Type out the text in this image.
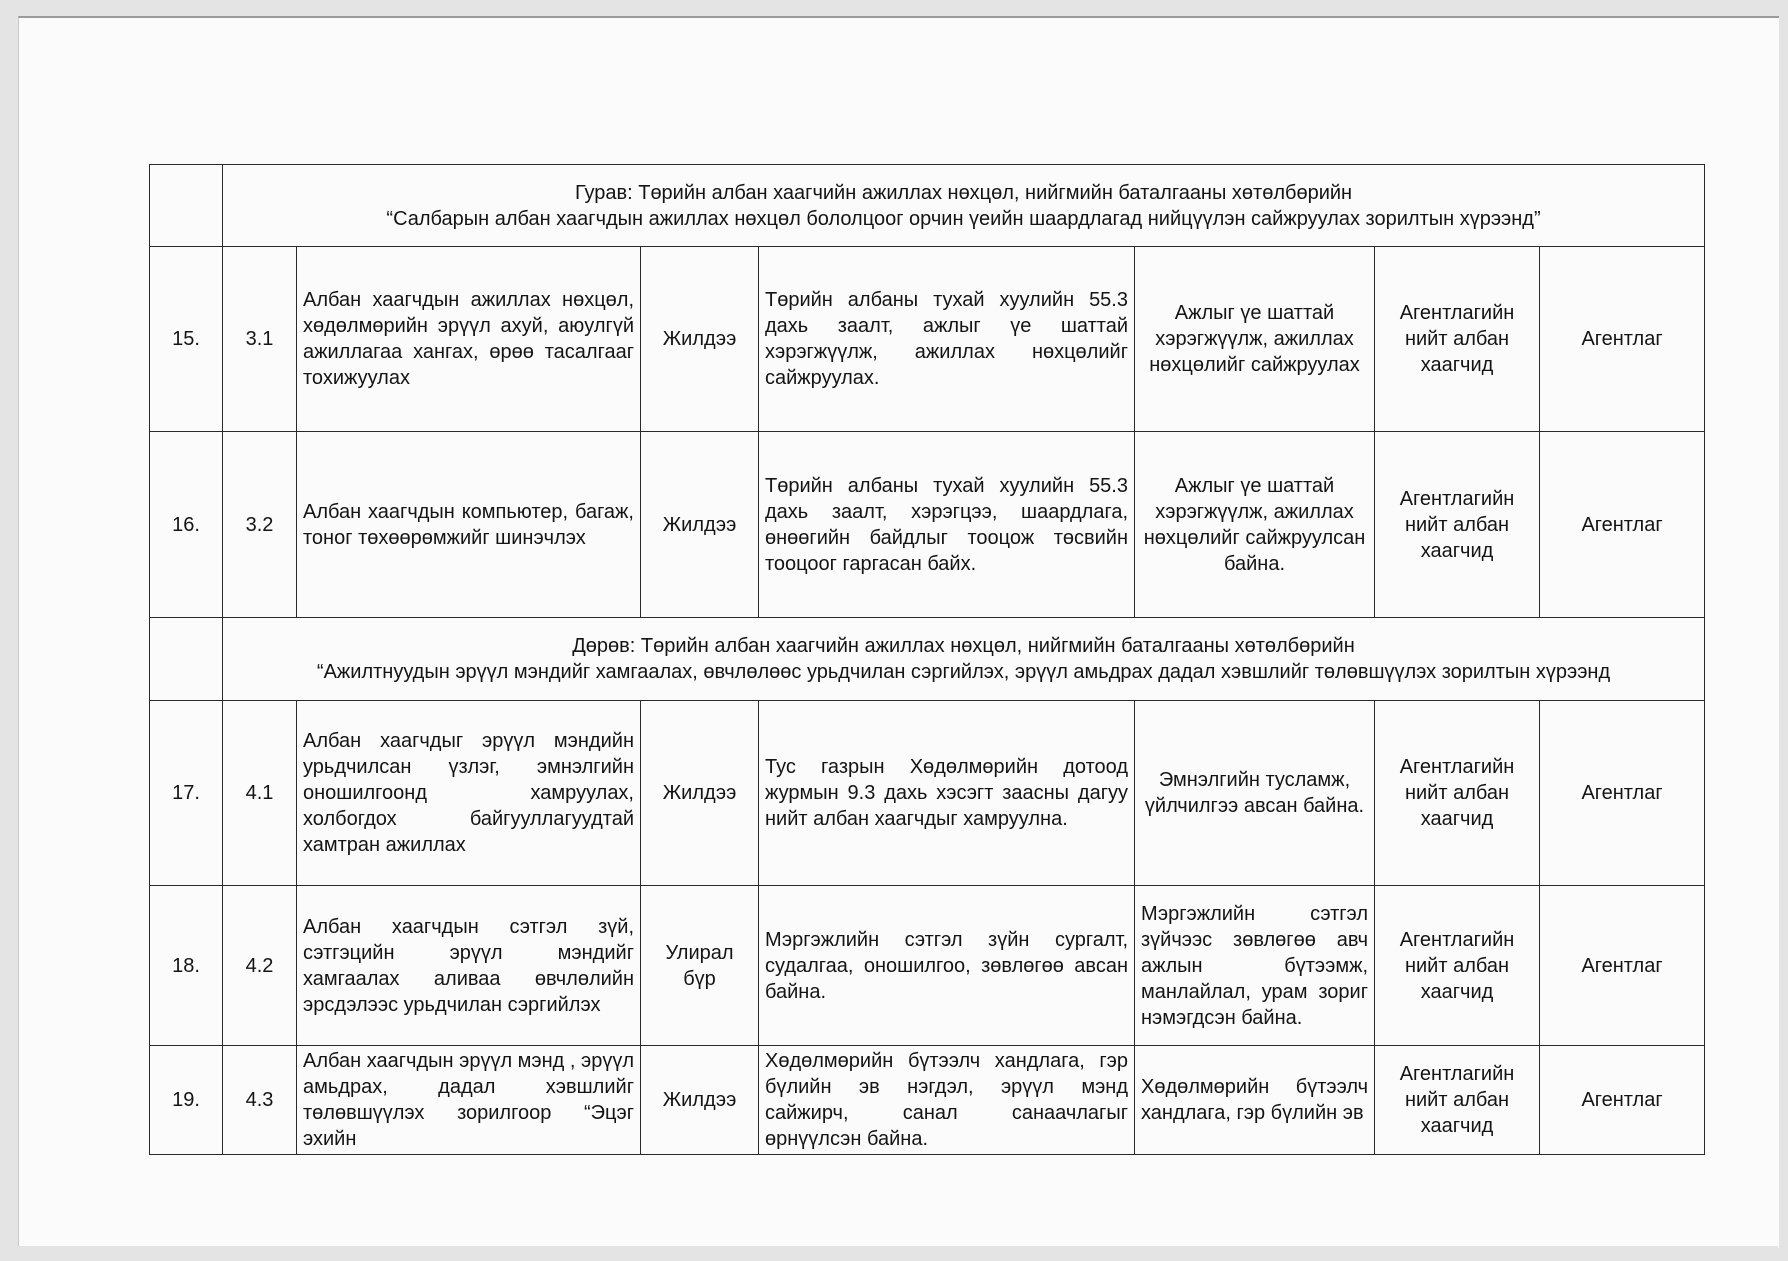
	Гурав: Төрийн албан хаагчийн ажиллах нөхцөл, нийгмийн баталгааны хөтөлбөрийн
“Салбарын албан хаагчдын ажиллах нөхцөл бололцоог орчин үеийн шаардлагад нийцүүлэн сайжруулах зорилтын хүрээнд”						

15.	3.1	Албан хаагчдын ажиллах нөхцөл, хөдөлмөрийн эрүүл ахуй, аюулгүй ажиллагаа хангах, өрөө тасалгааг тохижуулах	Жилдээ	Төрийн албаны тухай хуулийн 55.3 дахь заалт, ажлыг үе шаттай хэрэгжүүлж, ажиллах нөхцөлийг сайжруулах.	Ажлыг үе шаттай хэрэгжүүлж, ажиллах нөхцөлийг сайжруулах	Агентлагийн нийт албан хаагчид	Агентлаг
16.	3.2	Албан хаагчдын компьютер, багаж, тоног төхөөрөмжийг шинэчлэх	Жилдээ	Төрийн албаны тухай хуулийн 55.3 дахь заалт, хэрэгцээ, шаардлага, өнөөгийн байдлыг тооцож төсвийн тооцоог гаргасан байх.	Ажлыг үе шаттай хэрэгжүүлж, ажиллах нөхцөлийг сайжруулсан байна.	Агентлагийн нийт албан хаагчид	Агентлаг

	Дөрөв: Төрийн албан хаагчийн ажиллах нөхцөл, нийгмийн баталгааны хөтөлбөрийн
“Ажилтнуудын эрүүл мэндийг хамгаалах, өвчлөлөөс урьдчилан сэргийлэх, эрүүл амьдрах дадал хэвшлийг төлөвшүүлэх зорилтын хүрээнд						

17.	4.1	Албан хаагчдыг эрүүл мэндийн урьдчилсан үзлэг, эмнэлгийн оношилгоонд хамруулах, холбогдох байгууллагуудтай хамтран ажиллах	Жилдээ	Тус газрын Хөдөлмөрийн дотоод журмын 9.3 дахь хэсэгт заасны дагуу нийт албан хаагчдыг хамруулна.	Эмнэлгийн тусламж, үйлчилгээ авсан байна.	Агентлагийн нийт албан хаагчид	Агентлаг
18.	4.2	Албан хаагчдын сэтгэл зүй, сэтгэцийн эрүүл мэндийг хамгаалах аливаа өвчлөлийн эрсдэлээс урьдчилан сэргийлэх	Улирал бүр	Мэргэжлийн сэтгэл зүйн сургалт, судалгаа, оношилгоо, зөвлөгөө авсан байна.	Мэргэжлийн сэтгэл зүйчээс зөвлөгөө авч ажлын бүтээмж, манлайлал, урам зориг нэмэгдсэн байна.	Агентлагийн нийт албан хаагчид	Агентлаг
19.	4.3	Албан хаагчдын эрүүл мэнд , эрүүл амьдрах, дадал хэвшлийг төлөвшүүлэх зорилгоор “Эцэг эхийн	Жилдээ	Хөдөлмөрийн бүтээлч хандлага, гэр бүлийн эв нэгдэл, эрүүл мэнд сайжирч, санал санаачлагыг өрнүүлсэн байна.	Хөдөлмөрийн бүтээлч хандлага, гэр бүлийн эв	Агентлагийн нийт албан хаагчид	Агентлаг
